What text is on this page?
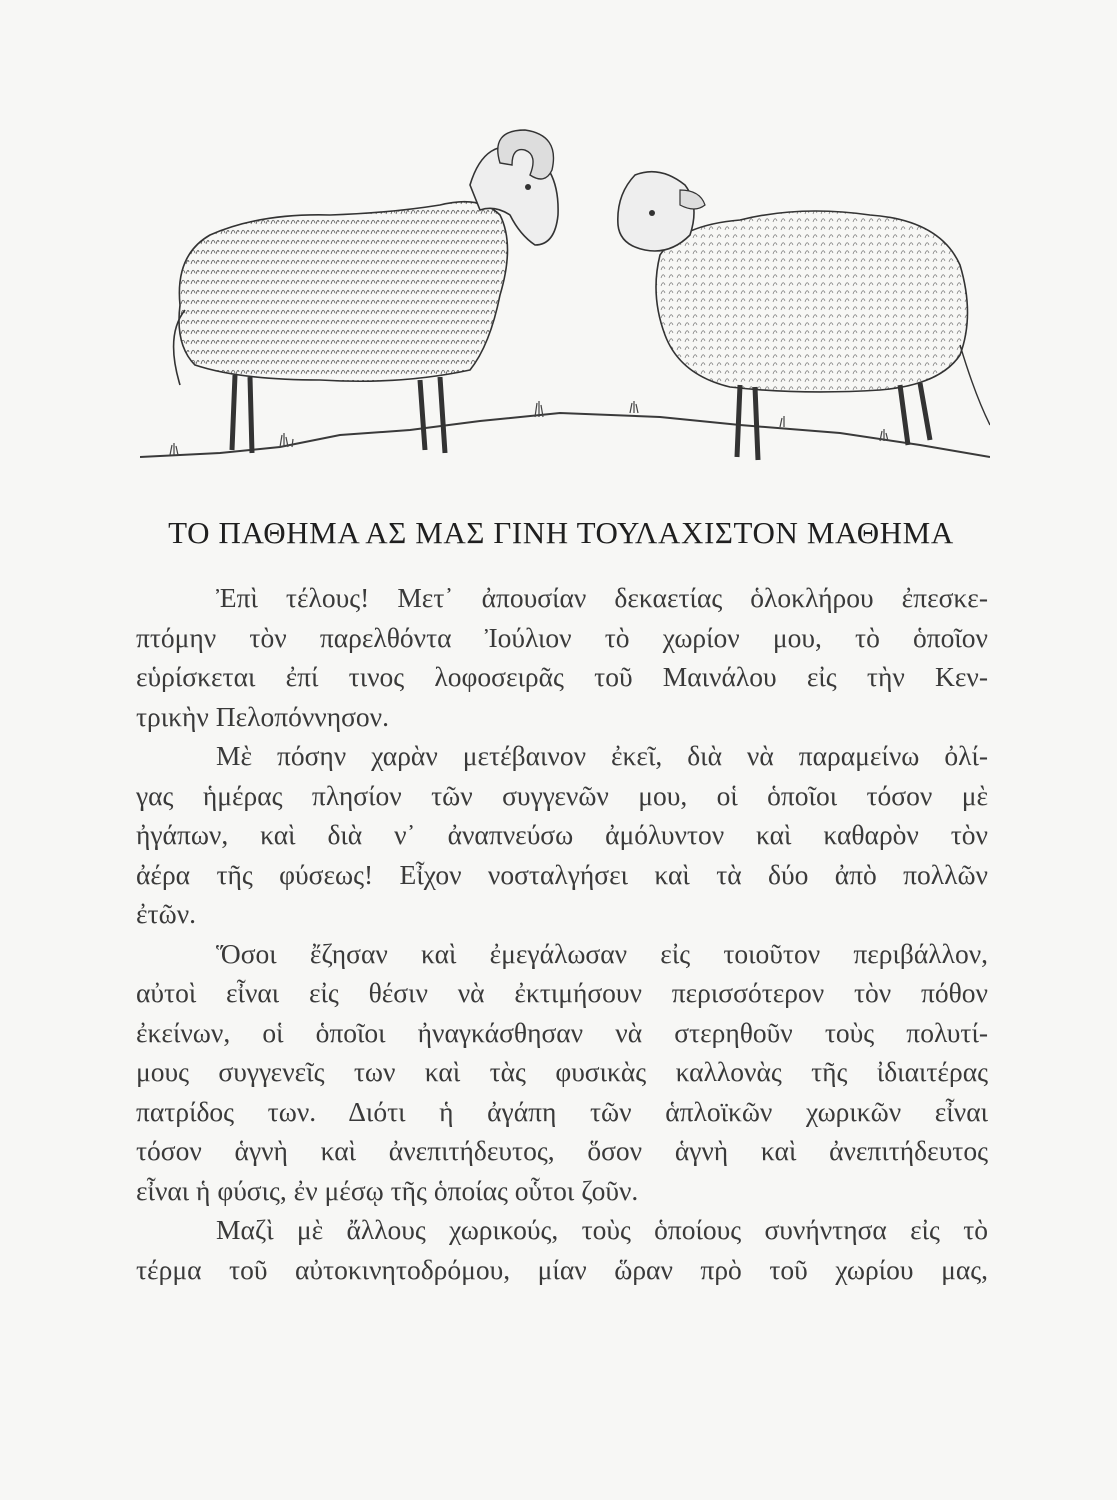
ΤΟ ΠΑΘΗΜΑ ΑΣ ΜΑΣ ΓΙΝΗ ΤΟΥΛΑΧΙΣΤΟΝ ΜΑΘΗΜΑ
Ἐπὶ τέλους! Μετ᾽ ἀπουσίαν δεκαετίας ὁλοκλήρου ἐπεσκε-
πτόμην τὸν παρελθόντα Ἰούλιον τὸ χωρίον μου, τὸ ὁποῖον
εὑρίσκεται ἐπί τινος λοφοσειρᾶς τοῦ Μαινάλου εἰς τὴν Κεν-
τρικὴν Πελοπόννησον.
Μὲ πόσην χαρὰν μετέβαινον ἐκεῖ, διὰ νὰ παραμείνω ὀλί-
γας ἡμέρας πλησίον τῶν συγγενῶν μου, οἱ ὁποῖοι τόσον μὲ
ἠγάπων, καὶ διὰ ν᾽ ἀναπνεύσω ἀμόλυντον καὶ καθαρὸν τὸν
ἀέρα τῆς φύσεως! Εἶχον νοσταλγήσει καὶ τὰ δύο ἀπὸ πολλῶν
ἐτῶν.
Ὅσοι ἔζησαν καὶ ἐμεγάλωσαν εἰς τοιοῦτον περιβάλλον,
αὐτοὶ εἶναι εἰς θέσιν νὰ ἐκτιμήσουν περισσότερον τὸν πόθον
ἐκείνων, οἱ ὁποῖοι ἠναγκάσθησαν νὰ στερηθοῦν τοὺς πολυτί-
μους συγγενεῖς των καὶ τὰς φυσικὰς καλλονὰς τῆς ἰδιαιτέρας
πατρίδος των. Διότι ἡ ἀγάπη τῶν ἁπλοϊκῶν χωρικῶν εἶναι
τόσον ἁγνὴ καὶ ἀνεπιτήδευτος, ὅσον ἁγνὴ καὶ ἀνεπιτήδευτος
εἶναι ἡ φύσις, ἐν μέσῳ τῆς ὁποίας οὗτοι ζοῦν.
Μαζὶ μὲ ἄλλους χωρικούς, τοὺς ὁποίους συνήντησα εἰς τὸ
τέρμα τοῦ αὐτοκινητοδρόμου, μίαν ὥραν πρὸ τοῦ χωρίου μας,
